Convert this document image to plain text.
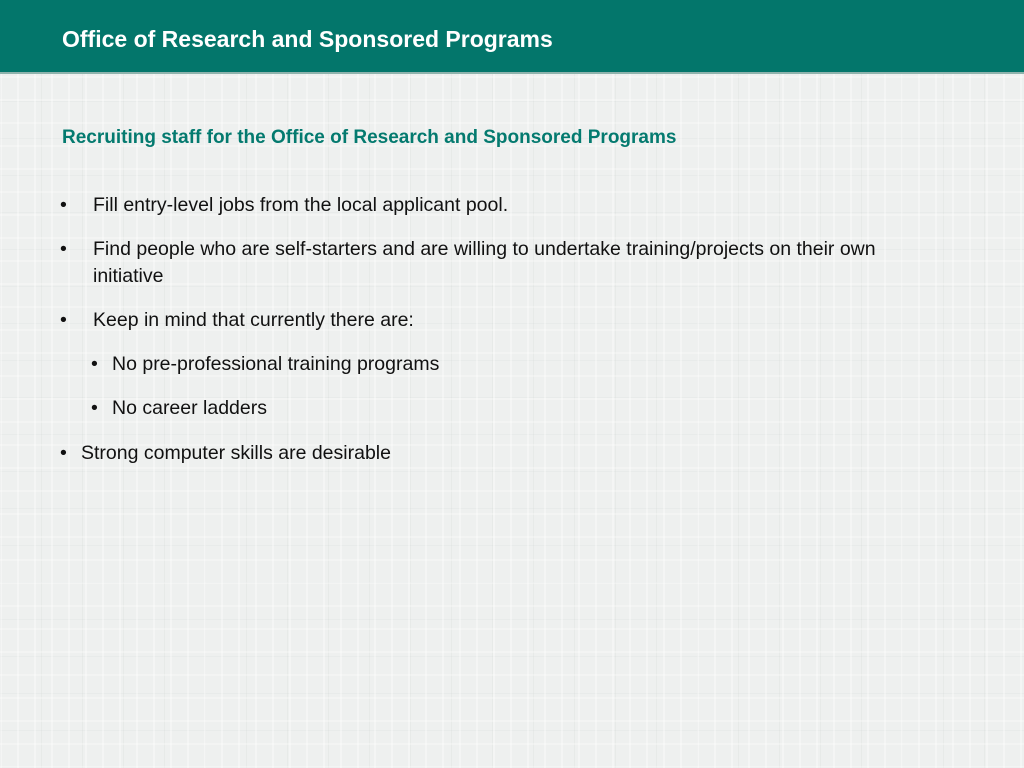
Office of Research and Sponsored Programs
Recruiting staff for the Office of Research and Sponsored Programs
• Fill entry-level jobs from the local applicant pool.
• Find people who are self-starters and are willing to undertake training/projects on their own initiative
• Keep in mind that currently there are:
• No pre-professional training programs
• No career ladders
• Strong computer skills are desirable
